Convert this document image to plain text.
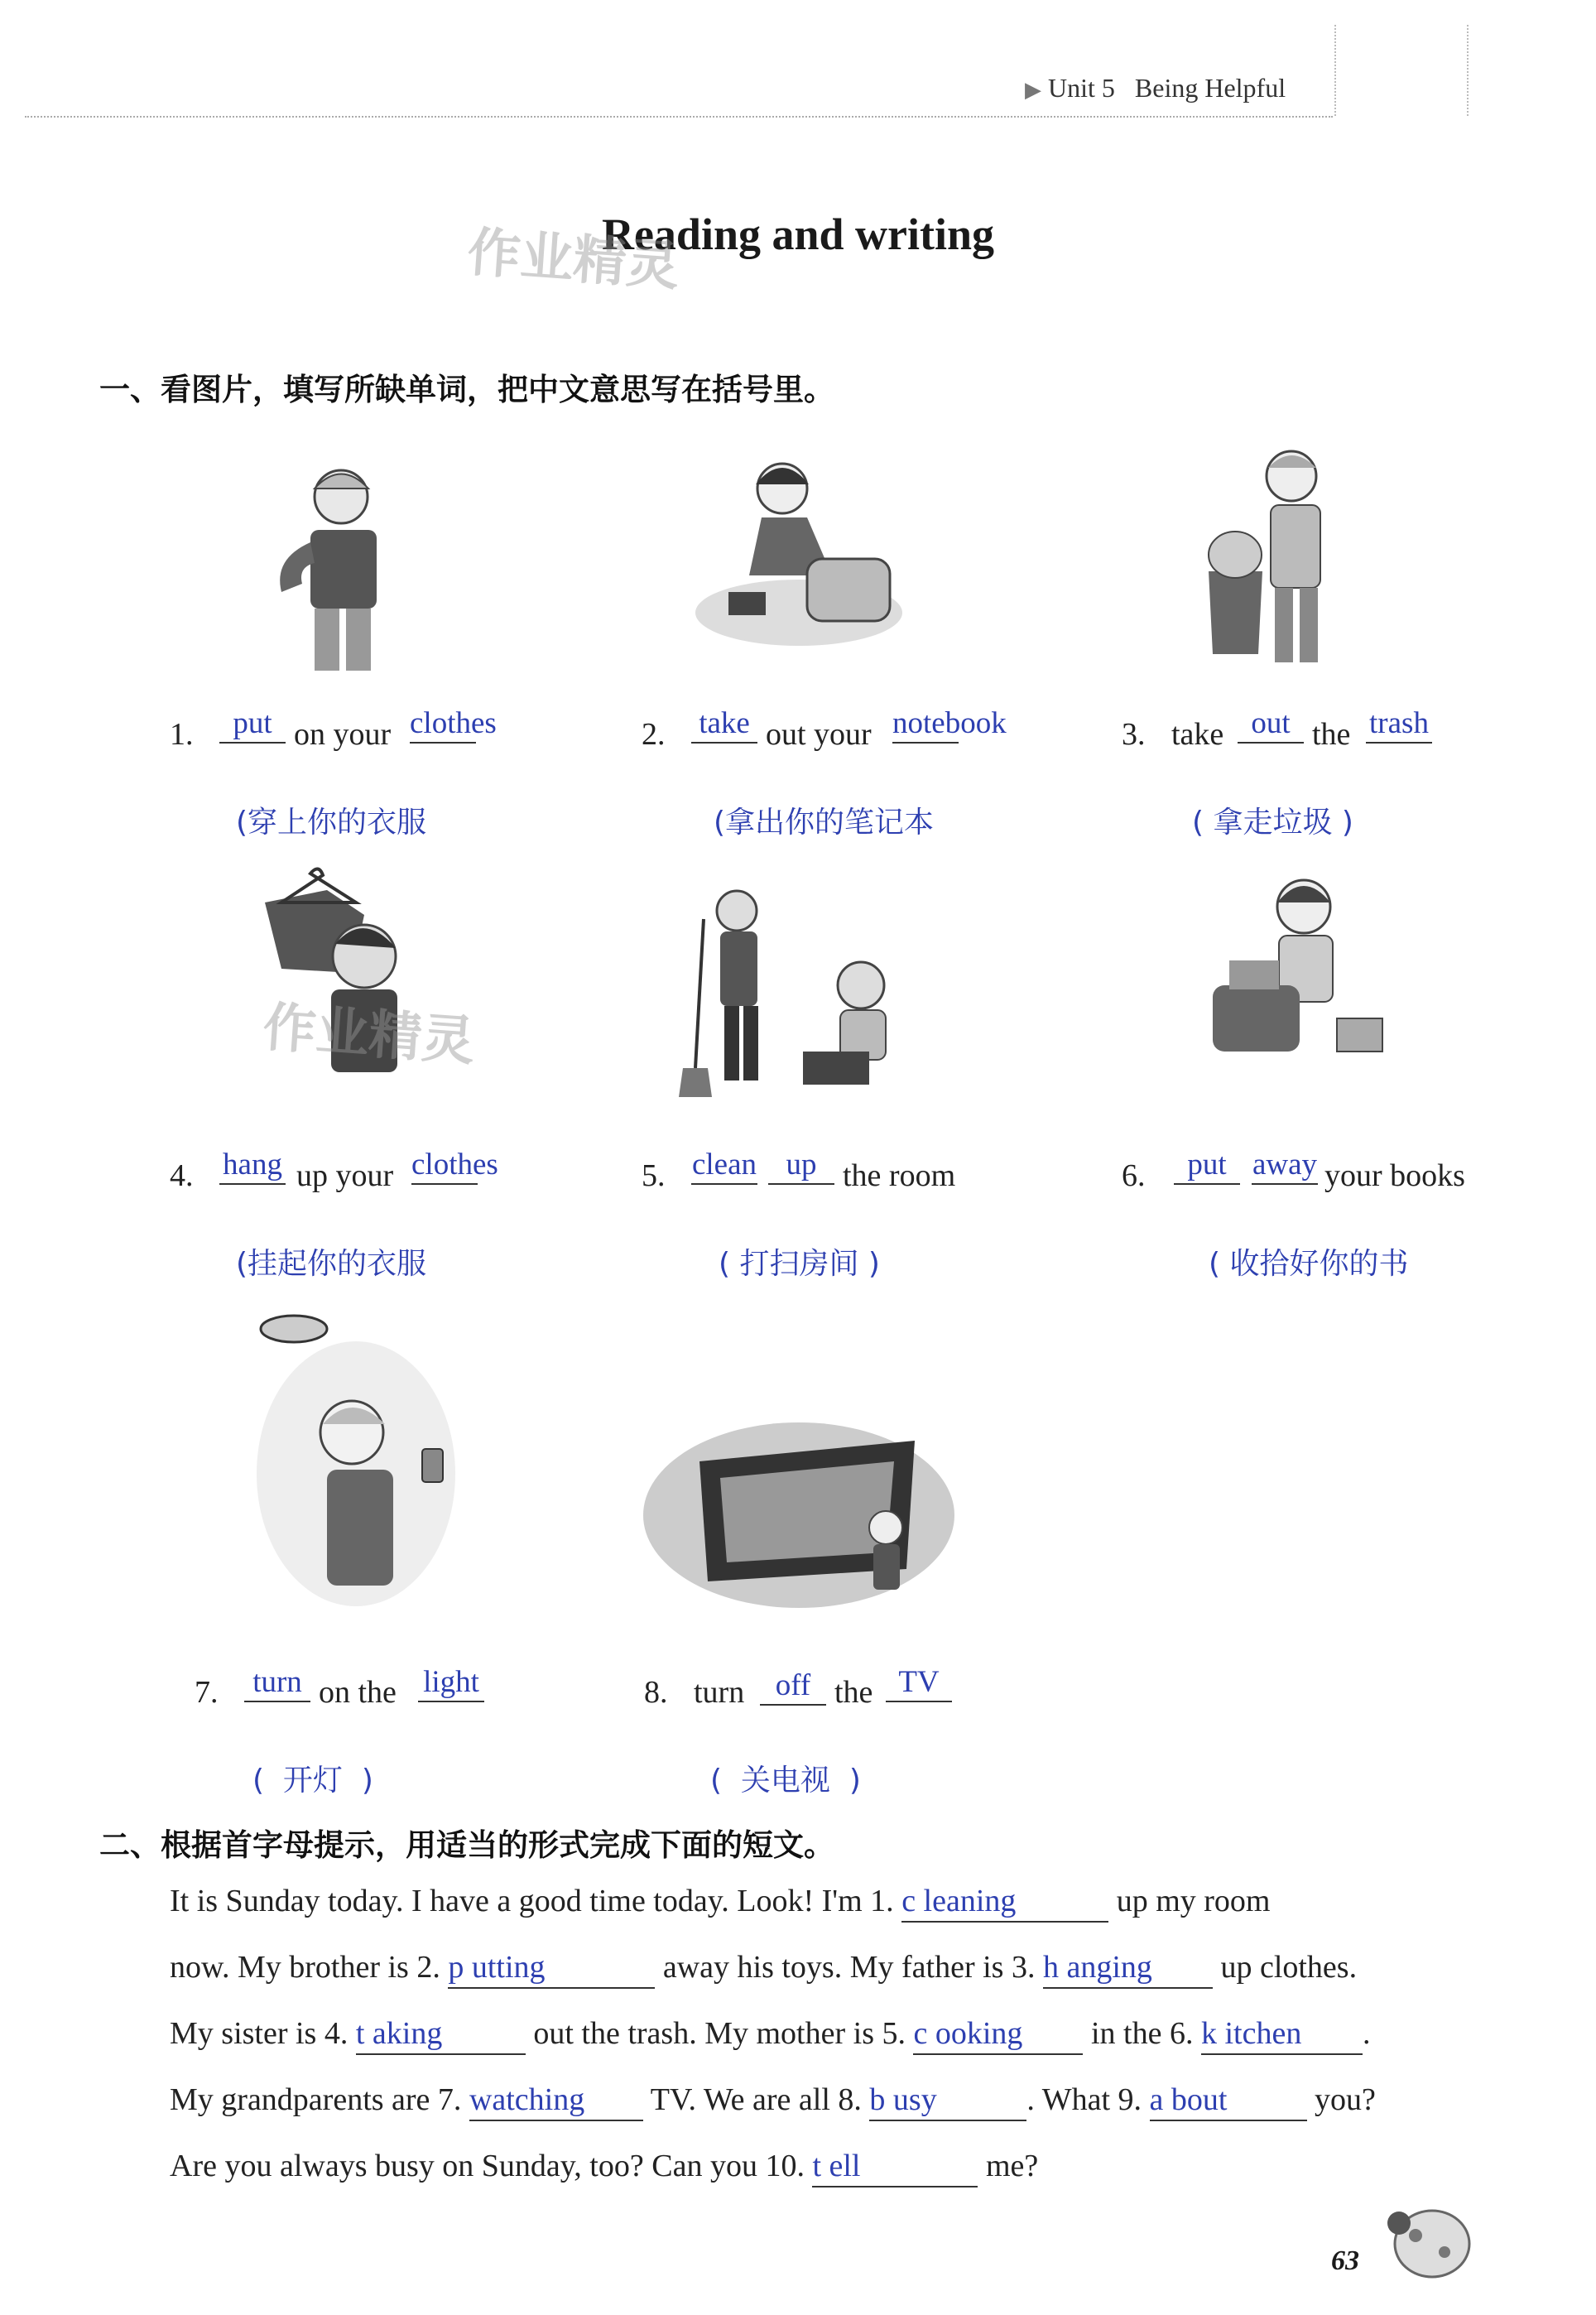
▶ Unit 5 Being Helpful
Reading and writing
作业精灵
一、看图片，填写所缺单词，把中文意思写在括号里。
作业精灵
1.	put on your clothes
(穿上你的衣服
2. take out your notebook
(拿出你的笔记本
3. take out the trash
( 拿走垃圾 )
4. hang up your clothes
(挂起你的衣服
5. clean up the room
( 打扫房间 )
6.	put away your books
( 收拾好你的书
7. turn on the light
(  开灯  )
8. turn	off the TV
(  关电视  )
二、根据首字母提示，用适当的形式完成下面的短文。
It is Sunday today. I have a good time today. Look! I'm 1. c leaning	up my room
now. My brother is 2. p utting	away his toys. My father is 3. h anging up clothes.
My sister is 4. t aking	out the trash. My mother is 5. c ooking in the 6. k itchen .
My grandparents are 7. watching TV. We are all 8. b usy	. What 9. a bout	you?
Are you always busy on Sunday, too? Can you 10. t ell	me?
63
